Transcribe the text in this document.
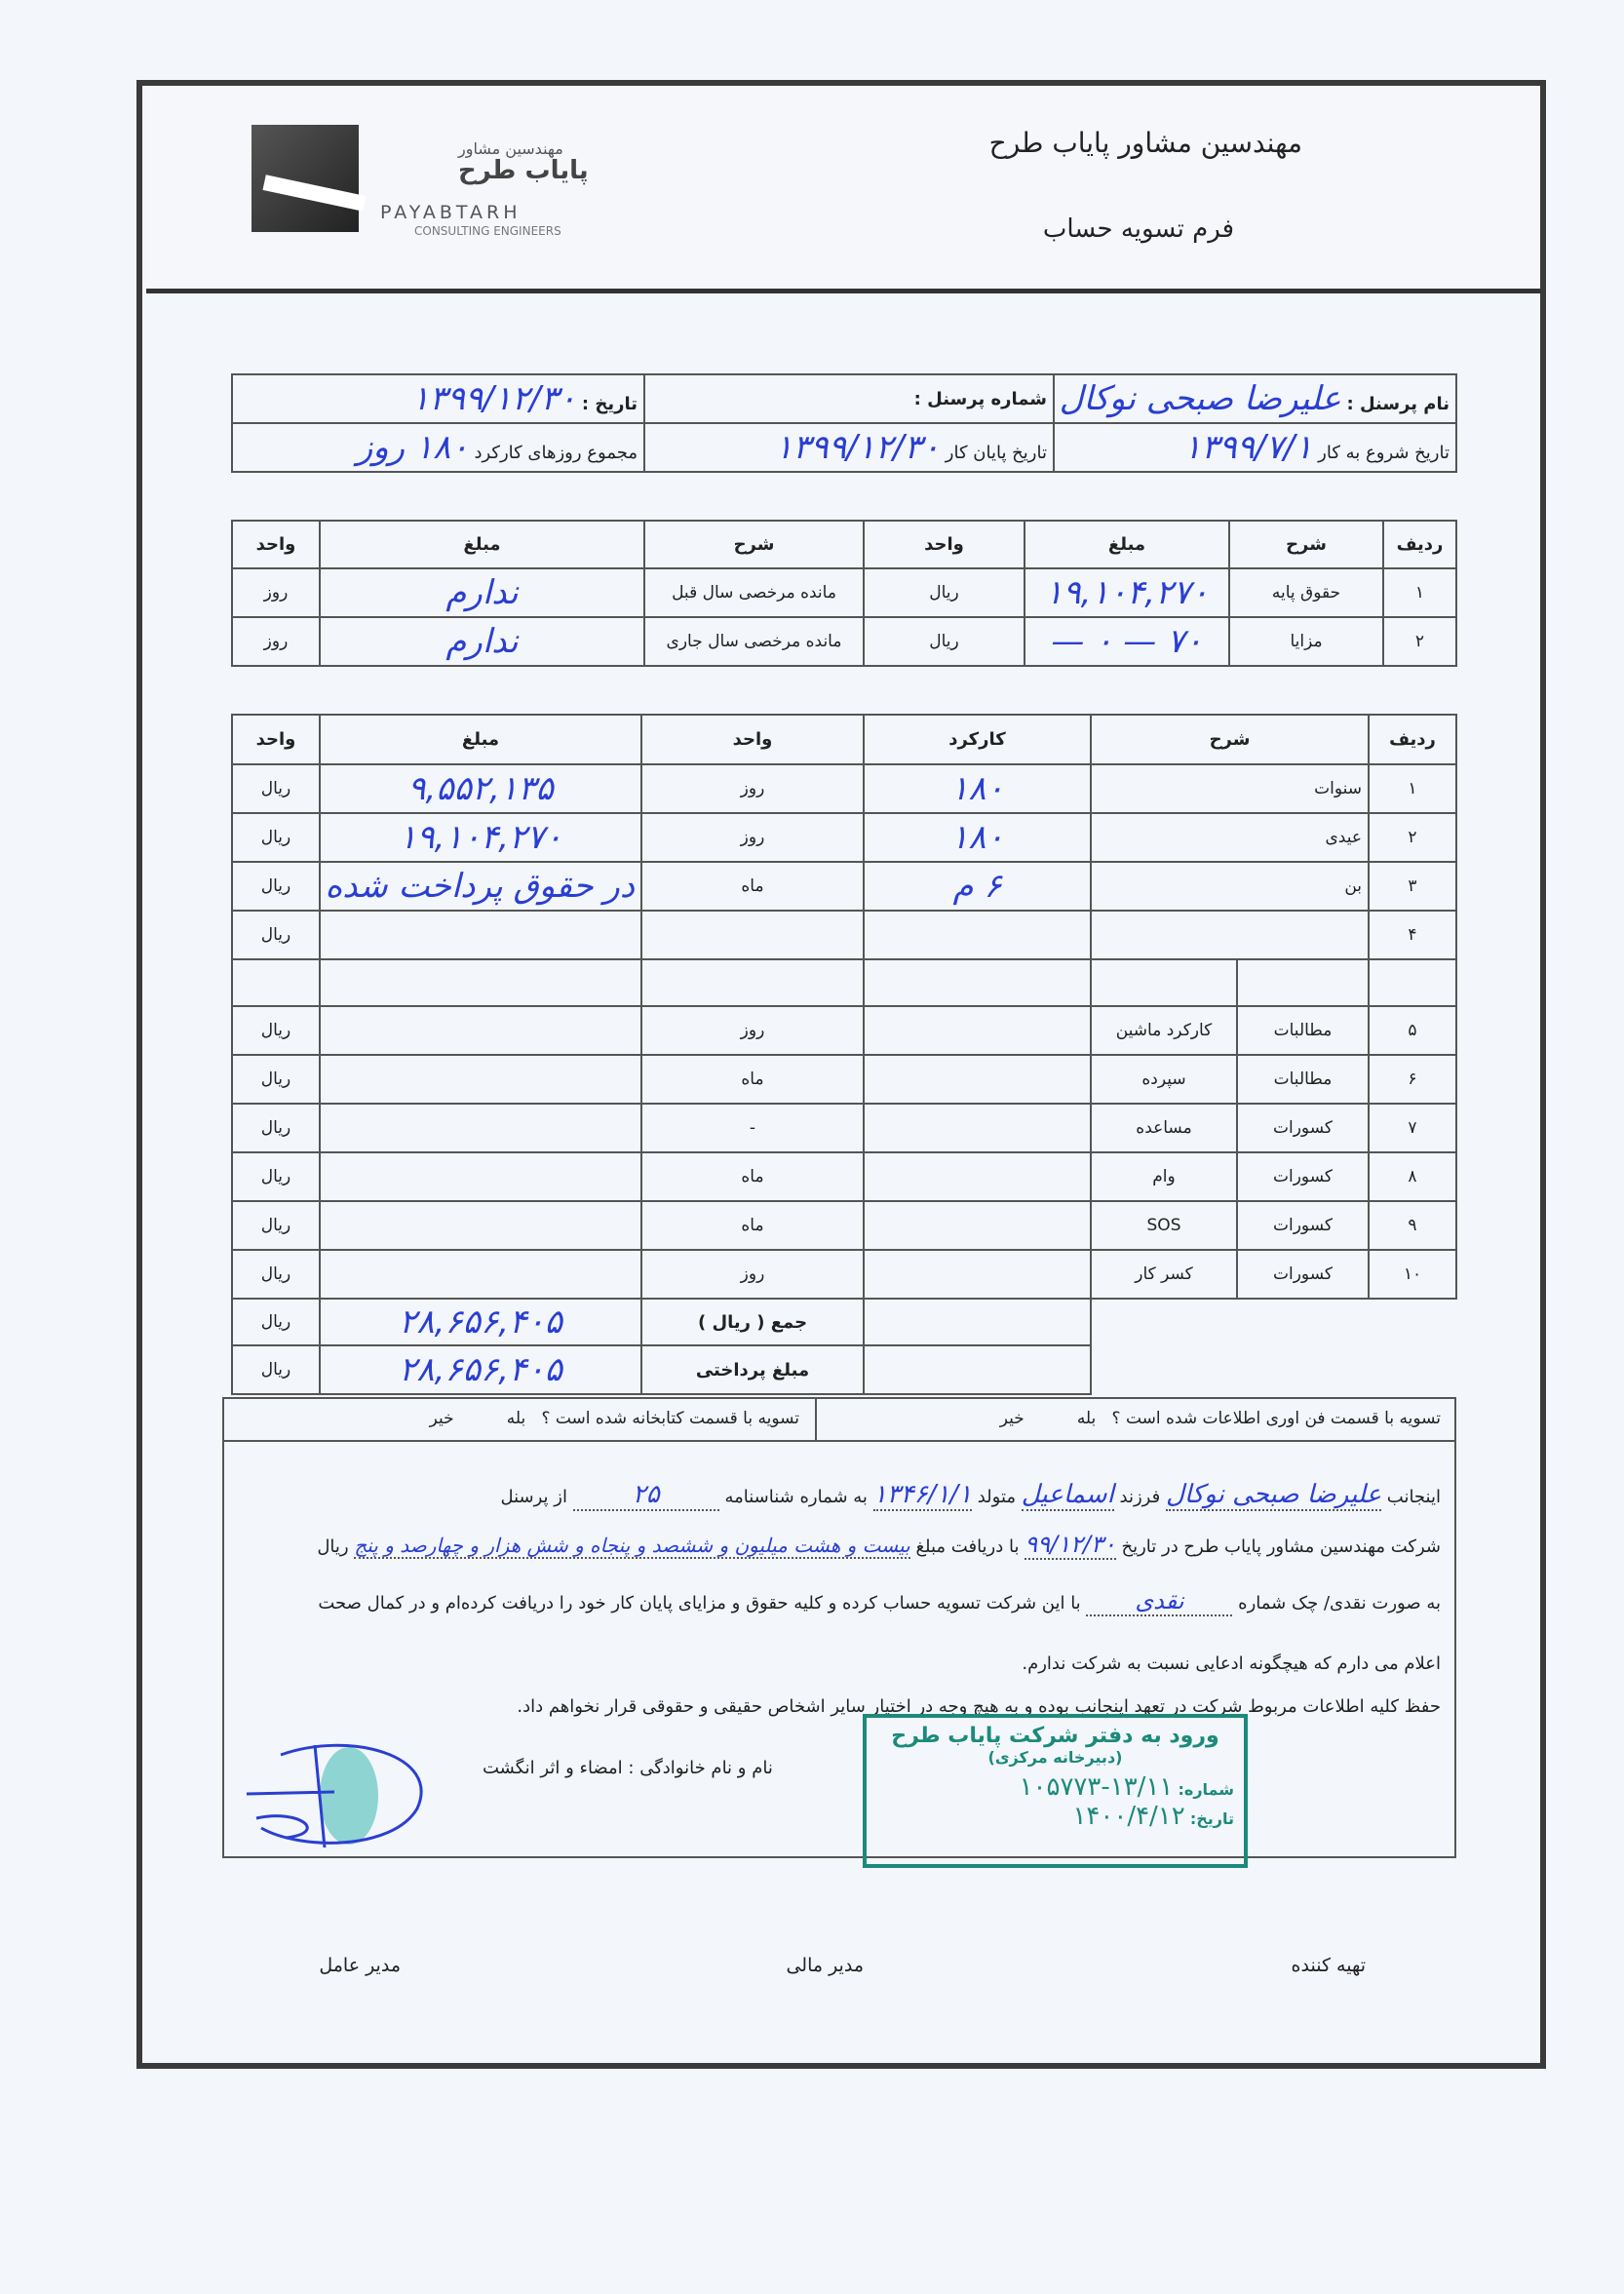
مهندسین مشاور
پایاب طرح
PAYABTARH
CONSULTING ENGINEERS
مهندسین مشاور پایاب طرح
فرم تسویه حساب
نام پرسنل : علیرضا صبحی نوکال	شماره پرسنل :	تاریخ : ۱۳۹۹/۱۲/۳۰
تاریخ شروع به کار ۱۳۹۹/۷/۱	تاریخ پایان کار ۱۳۹۹/۱۲/۳۰	مجموع روزهای کارکرد ۱۸۰ روز
ردیف	شرح	مبلغ	واحد	شرح	مبلغ	واحد
۱	حقوق پایه	۱۹,۱۰۴,۲۷۰	ریال	مانده مرخصی سال قبل	ندارم	روز
۲	مزایا	۷۰ — ۰ —	ریال	مانده مرخصی سال جاری	ندارم	روز
ردیف	شرح		کارکرد	واحد	مبلغ	واحد
۱	سنوات		۱۸۰	روز	۹,۵۵۲,۱۳۵	ریال
۲	عیدی		۱۸۰	روز	۱۹,۱۰۴,۲۷۰	ریال
۳	بن		۶ م	ماه	در حقوق پرداخت شده	ریال
۴						ریال

۵	مطالبات	کارکرد ماشین		روز		ریال
۶	مطالبات	سپرده		ماه		ریال
۷	کسورات	مساعده		-		ریال
۸	کسورات	وام		ماه		ریال
۹	کسورات	SOS		ماه		ریال
۱۰	کسورات	کسر کار		روز		ریال
				جمع ( ریال )	۲۸,۶۵۶,۴۰۵	ریال
				مبلغ پرداختی	۲۸,۶۵۶,۴۰۵	ریال
تسویه با قسمت فن اوری اطلاعات شده است ؟   بله          خیر
تسویه با قسمت کتابخانه شده است ؟   بله          خیر
اینجانب علیرضا صبحی نوکال فرزند اسماعیل متولد ۱۳۴۶/۱/۱ به شماره شناسنامه ۲۵ از پرسنل
شرکت مهندسین مشاور پایاب طرح در تاریخ ۹۹/۱۲/۳۰ با دریافت مبلغ بیست و هشت میلیون و ششصد و پنجاه و شش هزار و چهارصد و پنج ریال
به صورت نقدی/ چک شماره نقدی با این شرکت تسویه حساب کرده و کلیه حقوق و مزایای پایان کار خود را دریافت کرده‌ام و در کمال صحت
اعلام می دارم که هیچگونه ادعایی نسبت به شرکت ندارم.
حفظ کلیه اطلاعات مربوط شرکت در تعهد اینجانب بوده و به هیچ وجه در اختیار سایر اشخاص حقیقی و حقوقی قرار نخواهم داد.
نام و نام خانوادگی : امضاء و اثر انگشت
ورود به دفتر شرکت پایاب طرح
(دبیرخانه مرکزی)
شماره: ۱۳/۱۱-۱۰۵۷۷۳
تاریخ: ۱۴۰۰/۴/۱۲
تهیه کننده
مدیر مالی
مدیر عامل
